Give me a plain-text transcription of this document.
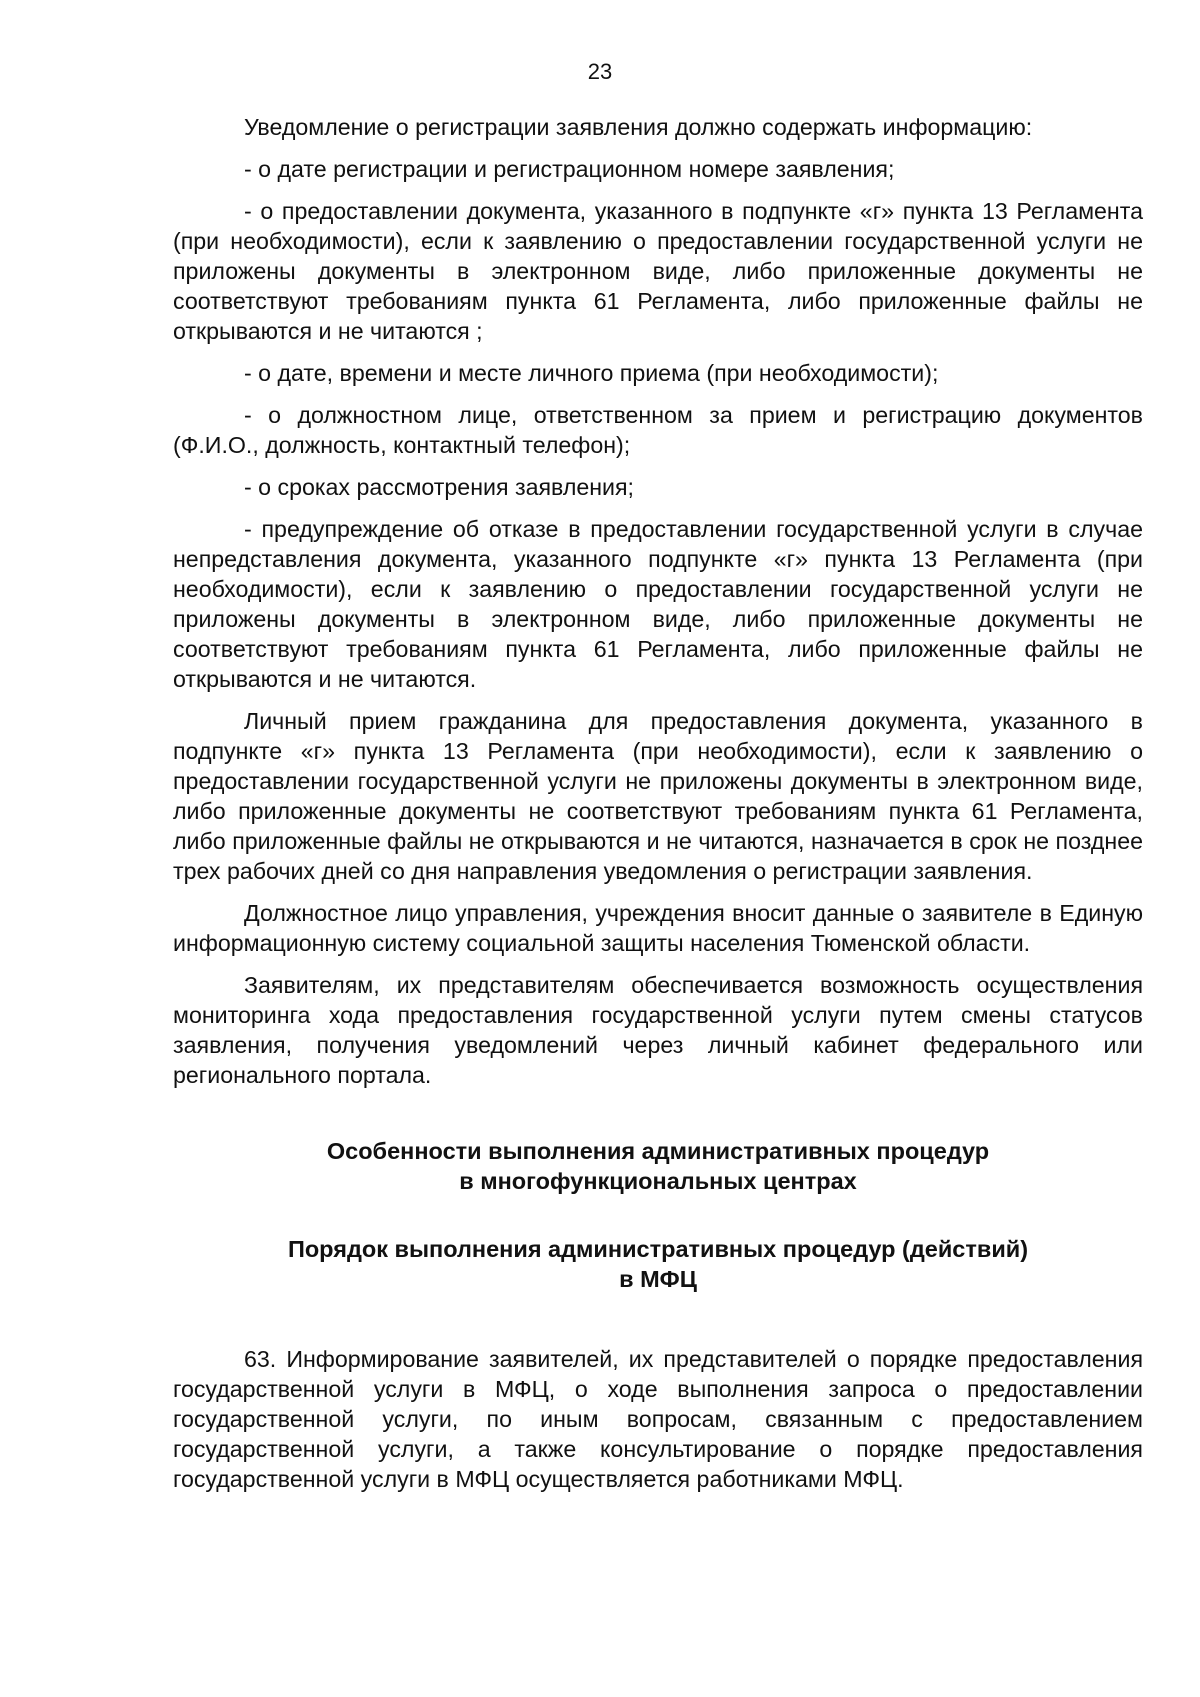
23

Уведомление о регистрации заявления должно содержать информацию:

- о дате регистрации и регистрационном номере заявления;

- о предоставлении документа, указанного в подпункте «г» пункта 13 Регламента (при необходимости), если к заявлению о предоставлении государственной услуги не приложены документы в электронном виде, либо приложенные документы не соответствуют требованиям пункта 61 Регламента, либо приложенные файлы не открываются и не читаются ;

- о дате, времени и месте личного приема (при необходимости);

- о должностном лице, ответственном за прием и регистрацию документов (Ф.И.О., должность, контактный телефон);

- о сроках рассмотрения заявления;

- предупреждение об отказе в предоставлении государственной услуги в случае непредставления документа, указанного подпункте «г» пункта 13 Регламента (при необходимости), если к заявлению о предоставлении государственной услуги не приложены документы в электронном виде, либо приложенные документы не соответствуют требованиям пункта 61 Регламента, либо приложенные файлы не открываются и не читаются.

Личный прием гражданина для предоставления документа, указанного в подпункте «г» пункта 13 Регламента (при необходимости), если к заявлению о предоставлении государственной услуги не приложены документы в электронном виде, либо приложенные документы не соответствуют требованиям пункта 61 Регламента, либо приложенные файлы не открываются и не читаются, назначается в срок не позднее трех рабочих дней со дня направления уведомления о регистрации заявления.

Должностное лицо управления, учреждения вносит данные о заявителе в Единую информационную систему социальной защиты населения Тюменской области.

Заявителям, их представителям обеспечивается возможность осуществления мониторинга хода предоставления государственной услуги путем смены статусов заявления, получения уведомлений через личный кабинет федерального или регионального портала.

Особенности выполнения административных процедур
в многофункциональных центрах
Порядок выполнения административных процедур (действий)
в МФЦ

63. Информирование заявителей, их представителей о порядке предоставления государственной услуги в МФЦ, о ходе выполнения запроса о предоставлении государственной услуги, по иным вопросам, связанным с предоставлением государственной услуги, а также консультирование о порядке предоставления государственной услуги в МФЦ осуществляется работниками МФЦ.
